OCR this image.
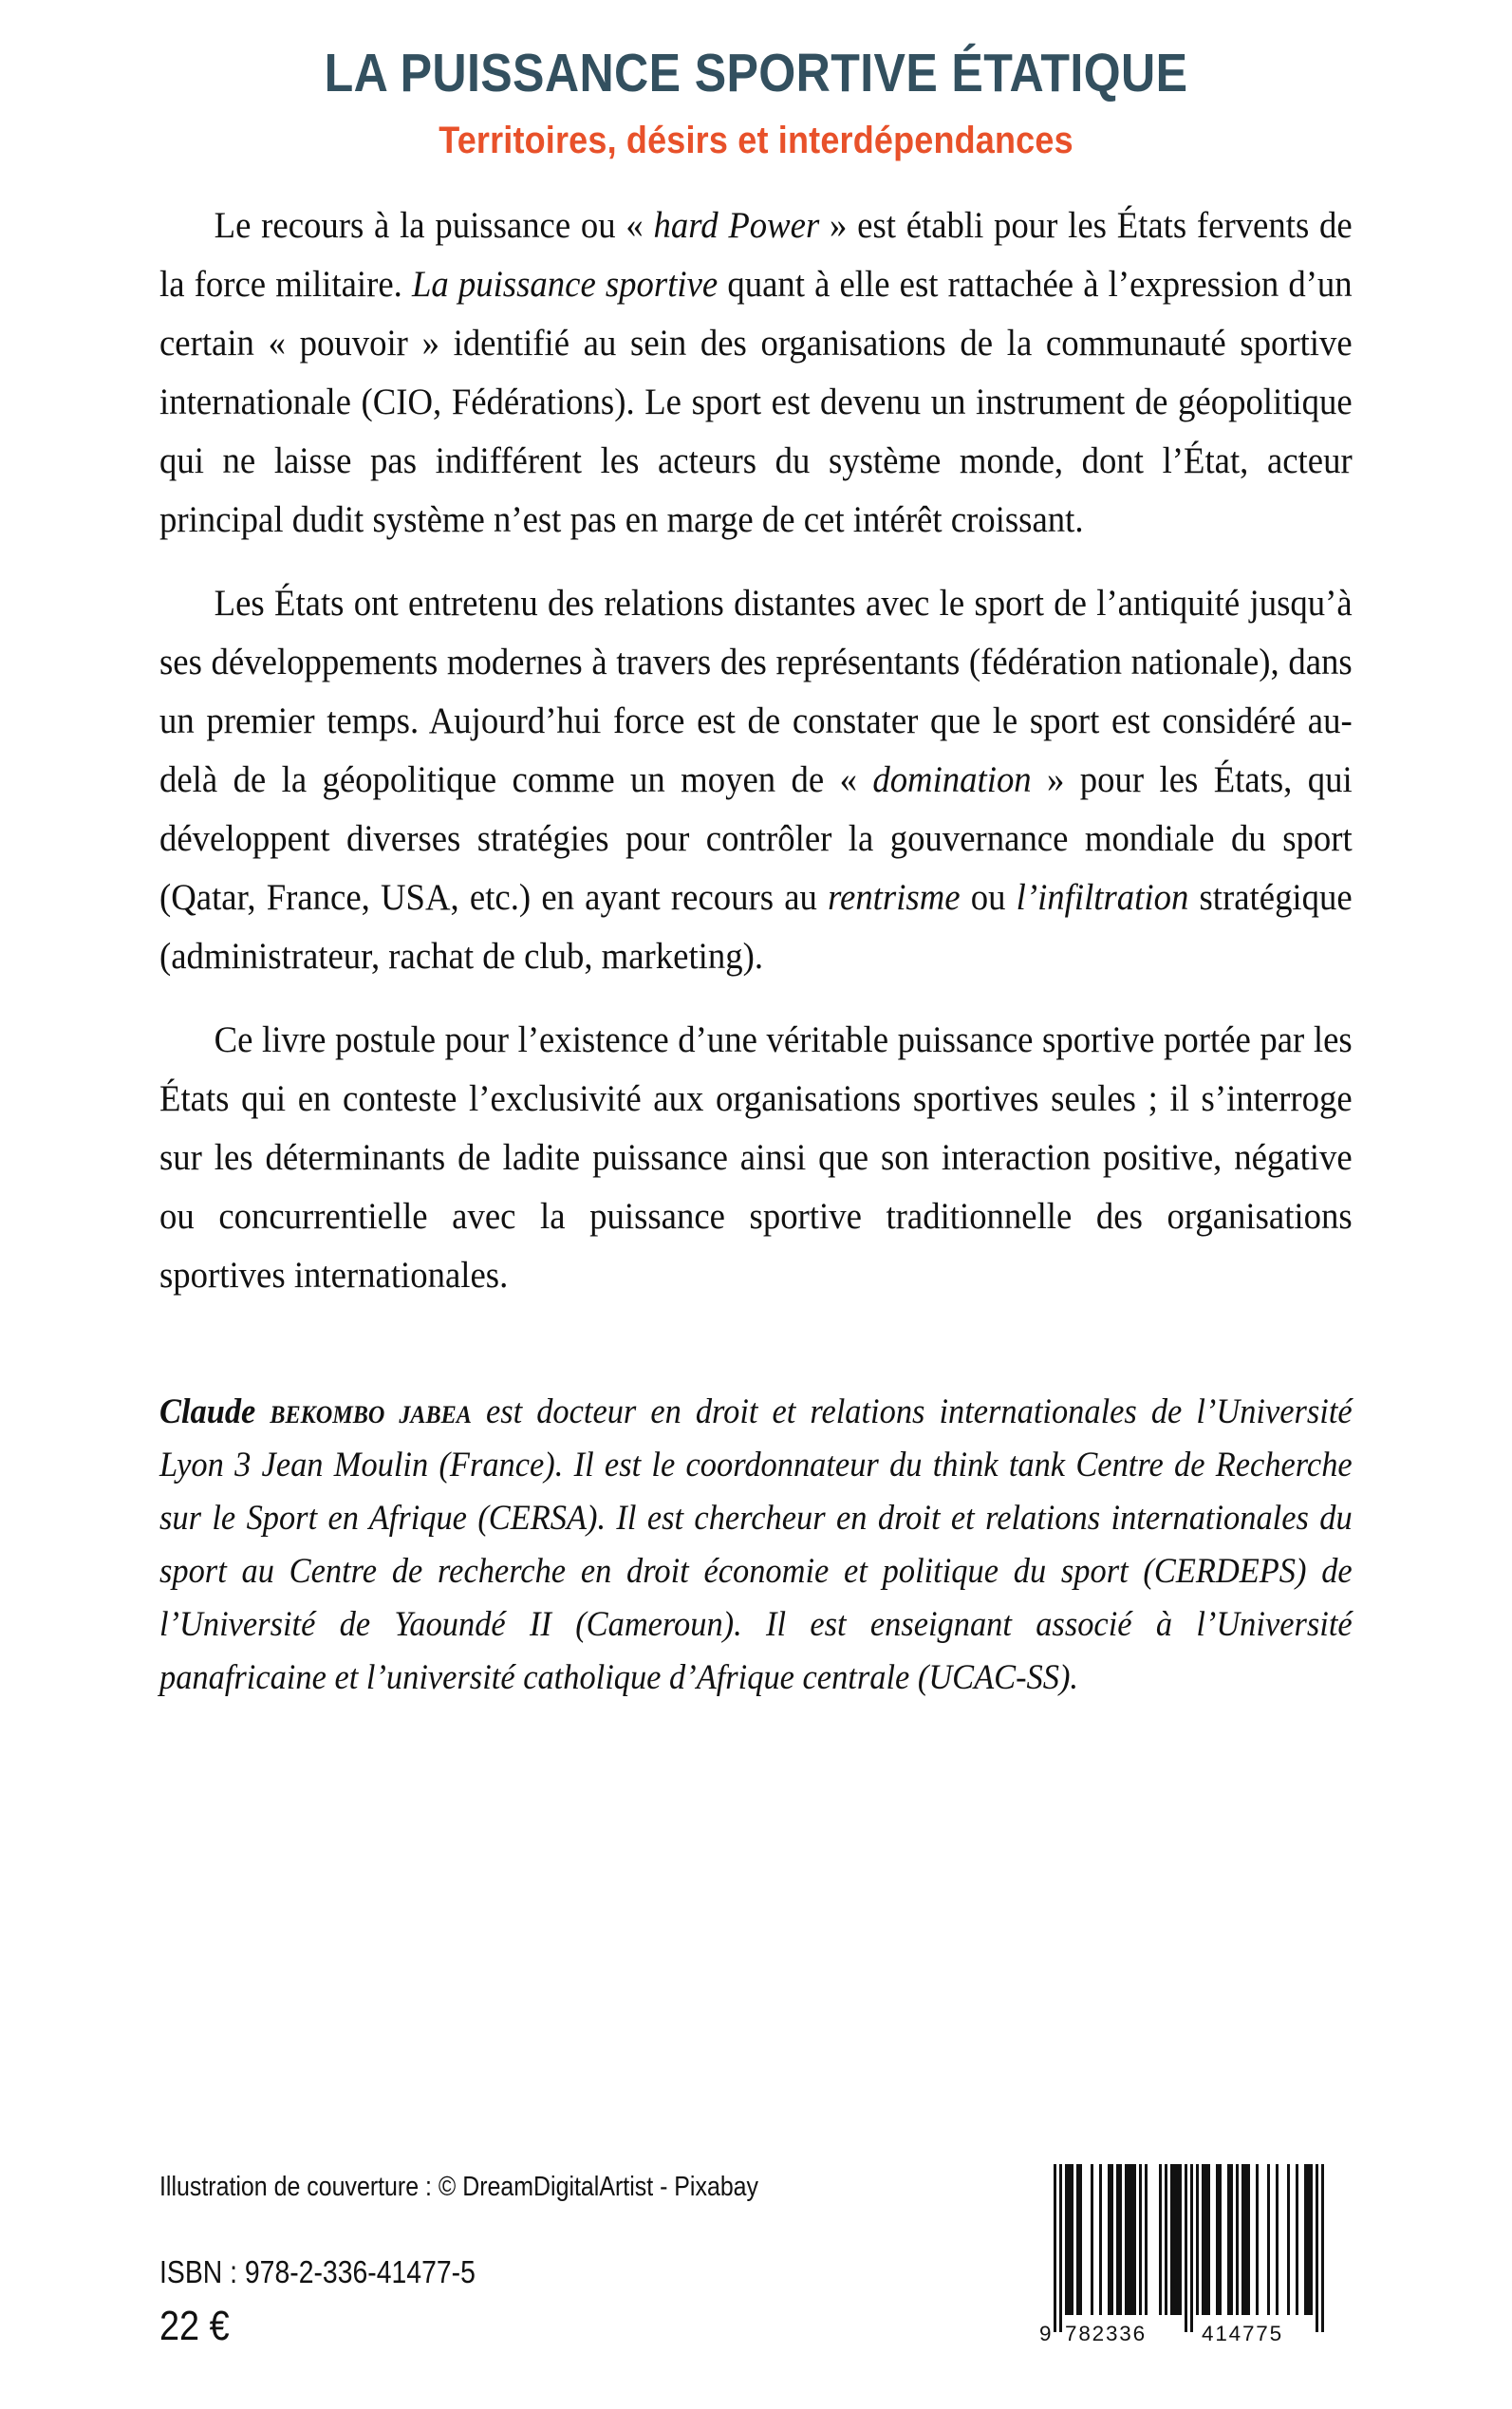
LA PUISSANCE SPORTIVE ÉTATIQUE
Territoires, désirs et interdépendances

Le recours à la puissance ou « hard Power » est établi pour les États fervents de la force militaire. La puissance sportive quant à elle est rattachée à l’expression d’un certain « pouvoir » identifié au sein des organisations de la communauté sportive internationale (CIO, Fédérations). Le sport est devenu un instrument de géopolitique qui ne laisse pas indifférent les acteurs du système monde, dont l’État, acteur principal dudit système n’est pas en marge de cet intérêt croissant.

Les États ont entretenu des relations distantes avec le sport de l’antiquité jusqu’à ses développements modernes à travers des représentants (fédération nationale), dans un premier temps. Aujourd’hui force est de constater que le sport est considéré au-delà de la géopolitique comme un moyen de « domination » pour les États, qui développent diverses stratégies pour contrôler la gouvernance mondiale du sport (Qatar, France, USA, etc.) en ayant recours au rentrisme ou l’infiltration stratégique (administrateur, rachat de club, marketing).

Ce livre postule pour l’existence d’une véritable puissance sportive portée par les États qui en conteste l’exclusivité aux organisations sportives seules ; il s’interroge sur les déterminants de ladite puissance ainsi que son interaction positive, négative ou concurrentielle avec la puissance sportive traditionnelle des organisations sportives internationales.

Claude bekombo jabea est docteur en droit et relations internationales de l’Université Lyon 3 Jean Moulin (France). Il est le coordonnateur du think tank Centre de Recherche sur le Sport en Afrique (CERSA). Il est chercheur en droit et relations internationales du sport au Centre de recherche en droit économie et politique du sport (CERDEPS) de l’Université de Yaoundé II (Cameroun). Il est enseignant associé à l’Université panafricaine et l’université catholique d’Afrique centrale (UCAC-SS).

Illustration de couverture : © DreamDigitalArtist - Pixabay
ISBN : 978-2-336-41477-5
22 €	9 782336	414775
